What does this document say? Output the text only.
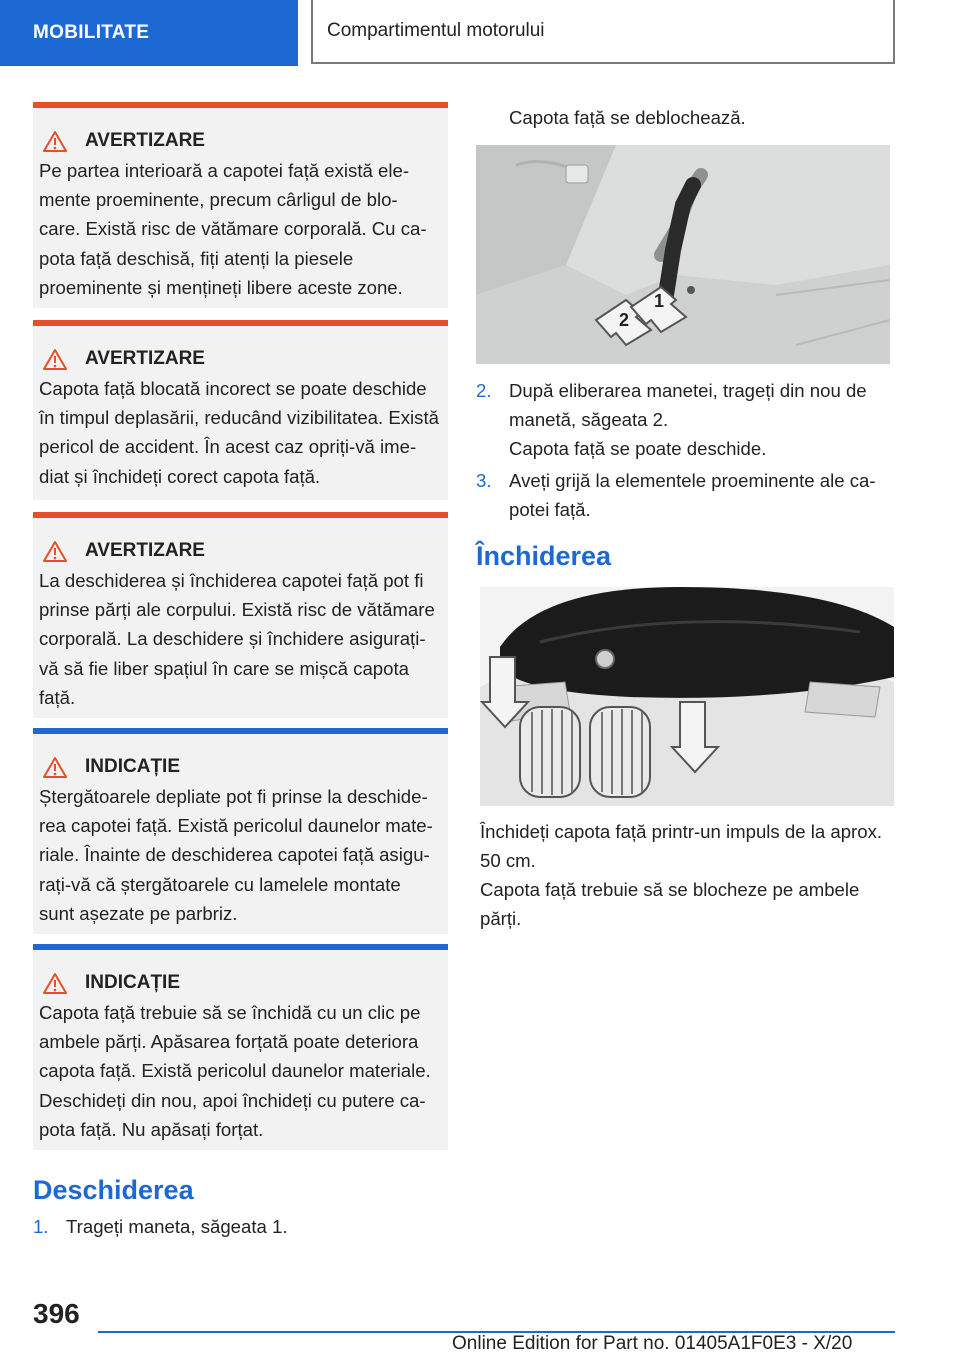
MOBILITATE	Compartimentul motorului
AVERTIZARE
Pe partea interioară a capotei față există ele-
mente proeminente, precum cârligul de blo-
care. Există risc de vătămare corporală. Cu ca-
pota față deschisă, fiți atenți la piesele
proeminente și mențineți libere aceste zone.
AVERTIZARE
Capota față blocată incorect se poate deschide
în timpul deplasării, reducând vizibilitatea. Există
pericol de accident. În acest caz opriți-vă ime-
diat și închideți corect capota față.
AVERTIZARE
La deschiderea și închiderea capotei față pot fi
prinse părți ale corpului. Există risc de vătămare
corporală. La deschidere și închidere asigurați-
vă să fie liber spațiul în care se mișcă capota
față.
INDICAȚIE
Ștergătoarele depliate pot fi prinse la deschide-
rea capotei față. Există pericolul daunelor mate-
riale. Înainte de deschiderea capotei față asigu-
rați-vă că ștergătoarele cu lamelele montate
sunt așezate pe parbriz.
INDICAȚIE
Capota față trebuie să se închidă cu un clic pe
ambele părți. Apăsarea forțată poate deteriora
capota față. Există pericolul daunelor materiale.
Deschideți din nou, apoi închideți cu putere ca-
pota față. Nu apăsați forțat.
Deschiderea
1. Trageți maneta, săgeata 1.
Capota față se deblochează.
2
1
2. După eliberarea manetei, trageți din nou de
manetă, săgeata 2.
Capota față se poate deschide.
3. Aveți grijă la elementele proeminente ale ca-
potei față.
Închiderea
Închideți capota față printr-un impuls de la aprox.
50 cm.
Capota față trebuie să se blocheze pe ambele
părți.
396
Online Edition for Part no. 01405A1F0E3 - X/20
